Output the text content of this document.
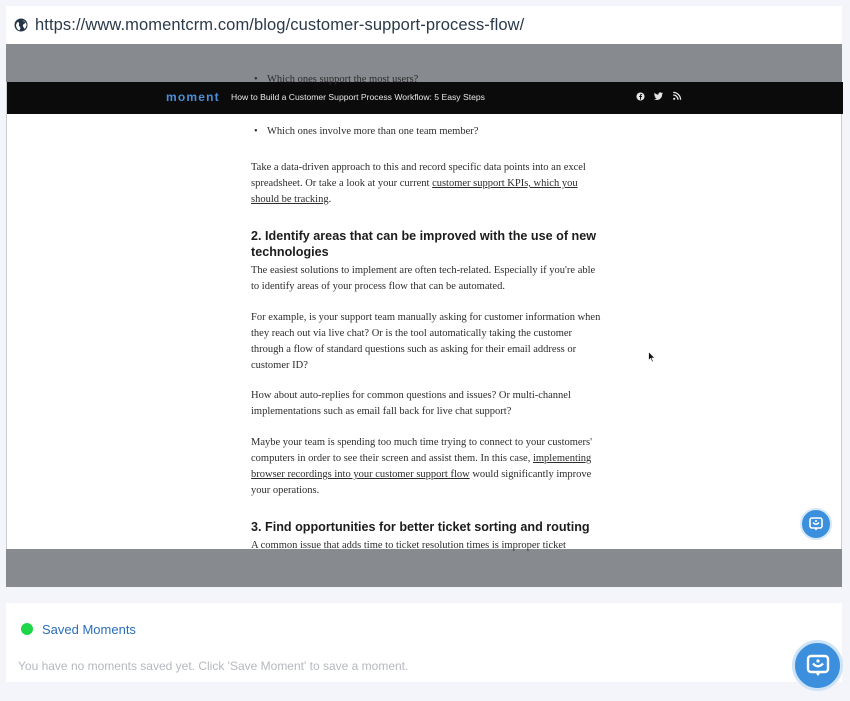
https://www.momentcrm.com/blog/customer-support-process-flow/
moment How to Build a Customer Support Process Workflow: 5 Easy Steps
• Which ones support the most users?
• Which ones involve more than one team member?

Take a data-driven approach to this and record specific data points into an excel spreadsheet. Or take a look at your current customer support KPIs, which you should be tracking.

2. Identify areas that can be improved with the use of new technologies

The easiest solutions to implement are often tech-related. Especially if you're able to identify areas of your process flow that can be automated.

For example, is your support team manually asking for customer information when they reach out via live chat? Or is the tool automatically taking the customer through a flow of standard questions such as asking for their email address or customer ID?

How about auto-replies for common questions and issues? Or multi-channel implementations such as email fall back for live chat support?

Maybe your team is spending too much time trying to connect to your customers' computers in order to see their screen and assist them. In this case, implementing browser recordings into your customer support flow would significantly improve your operations.

3. Find opportunities for better ticket sorting and routing

A common issue that adds time to ticket resolution times is improper ticket

Saved Moments
You have no moments saved yet. Click 'Save Moment' to save a moment.
